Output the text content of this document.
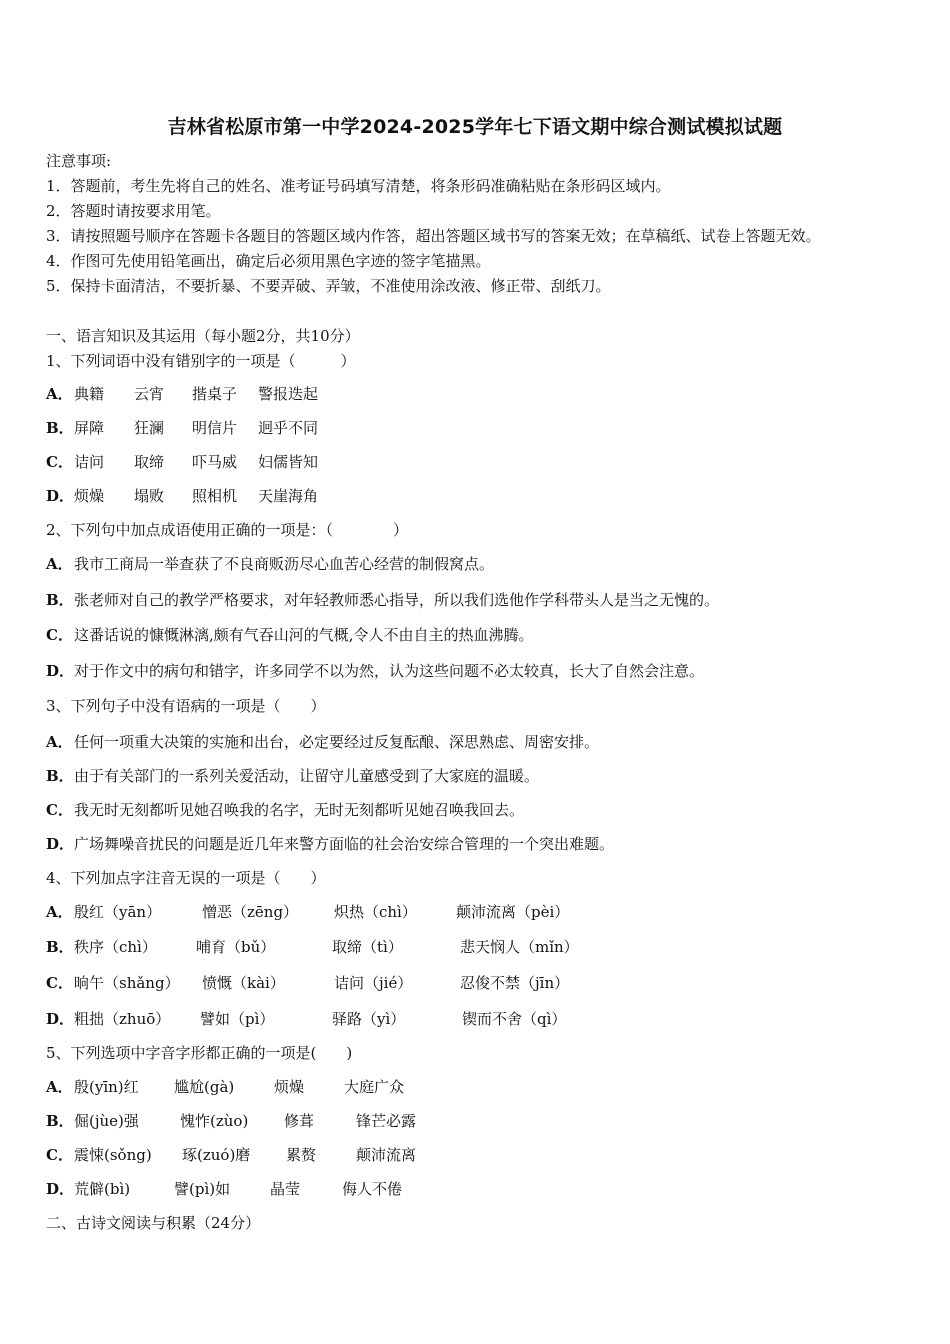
吉林省松原市第一中学2024-2025学年七下语文期中综合测试模拟试题
注意事项:
1．答题前，考生先将自己的姓名、准考证号码填写清楚，将条形码准确粘贴在条形码区域内。
2．答题时请按要求用笔。
3．请按照题号顺序在答题卡各题目的答题区域内作答，超出答题区域书写的答案无效；在草稿纸、试卷上答题无效。
4．作图可先使用铅笔画出，确定后必须用黑色字迹的签字笔描黑。
5．保持卡面清洁，不要折暴、不要弄破、弄皱，不准使用涂改液、修正带、刮纸刀。
一、语言知识及其运用（每小题2分，共10分）
1、下列词语中没有错别字的一项是（　　　）
A．典籍 云宵 揩桌子 警报迭起
B．屏障 狂澜 明信片 迥乎不同
C．诘问 取缔 吓马威 妇儒皆知
D．烦燥 塌败 照相机 天崖海角
2、下列句中加点成语使用正确的一项是：（　　　　）
A．我市工商局一举查获了不良商贩沥尽心血苦心经营的制假窝点。
B．张老师对自己的教学严格要求，对年轻教师悉心指导，所以我们选他作学科带头人是当之无愧的。
C．这番话说的慷慨淋漓,颇有气吞山河的气概,令人不由自主的热血沸腾。
D．对于作文中的病句和错字，许多同学不以为然，认为这些问题不必太较真，长大了自然会注意。
3、下列句子中没有语病的一项是（　　）
A．任何一项重大决策的实施和出台，必定要经过反复酝酿、深思熟虑、周密安排。
B．由于有关部门的一系列关爱活动，让留守儿童感受到了大家庭的温暖。
C．我无时无刻都听见她召唤我的名字，无时无刻都听见她召唤我回去。
D．广场舞噪音扰民的问题是近几年来警方面临的社会治安综合管理的一个突出难题。
4、下列加点字注音无误的一项是（　　）
A．殷红（yān）	憎恶（zēng） 炽热（chì）	颠沛流离（pèi）
B．秩序（chì）	哺育（bǔ）	取缔（tì）	悲天悯人（mǐn）
C．晌午（shǎng） 愤慨（kài）	诘问（jié）	忍俊不禁（jīn）
D．粗拙（zhuō） 譬如（pì）	驿路（yì）	锲而不舍（qì）
5、下列选项中字音字形都正确的一项是(　　)
A．殷(yīn)红 尴尬(gà)	烦燥	大庭广众
B．倔(jùe)强	愧怍(zùo) 修葺	锋芒必露
C．震悚(sǒng) 琢(zuó)磨 累赘	颠沛流离
D．荒僻(bì)	譬(pì)如	晶莹	侮人不倦
二、古诗文阅读与积累（24分）
